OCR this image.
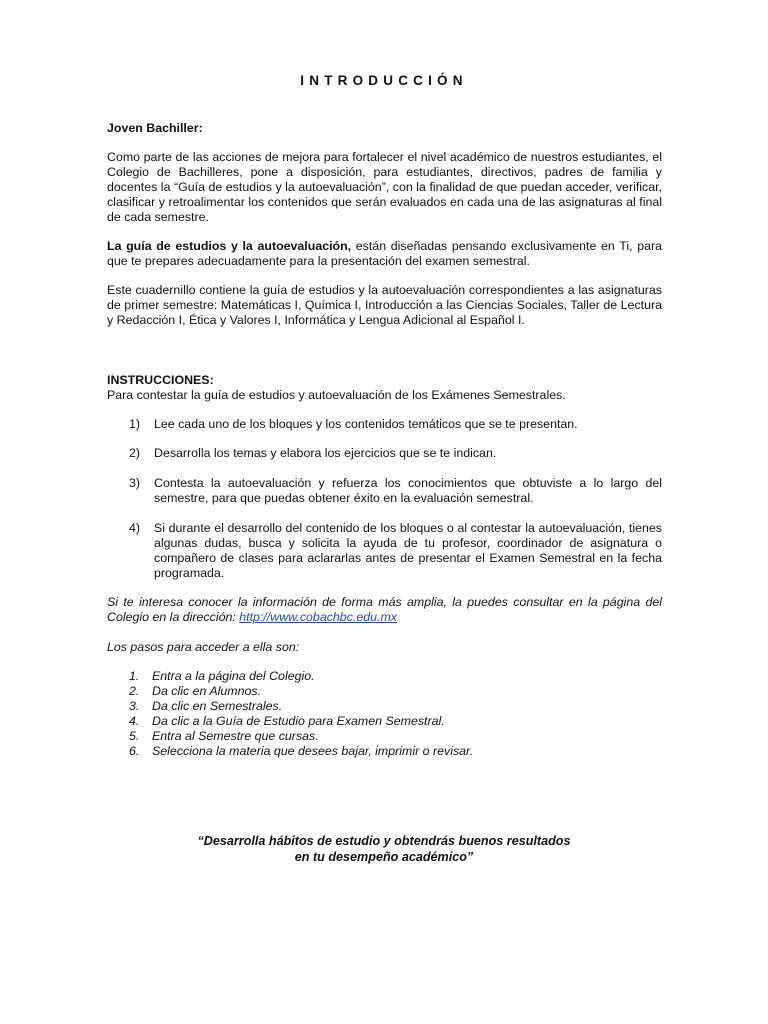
INTRODUCCIÓN
Joven Bachiller:
Como parte de las acciones de mejora para fortalecer el nivel académico de nuestros estudiantes, el Colegio de Bachilleres, pone a disposición, para estudiantes, directivos, padres de familia y docentes la “Guía de estudios y la autoevaluación”, con la finalidad de que puedan acceder, verificar, clasificar y retroalimentar los contenidos que serán evaluados en cada una de las asignaturas al final de cada semestre.
La guía de estudios y la autoevaluación, están diseñadas pensando exclusivamente en Ti, para que te prepares adecuadamente para la presentación del examen semestral.
Este cuadernillo contiene la guía de estudios y la autoevaluación correspondientes a las asignaturas de primer semestre: Matemáticas I, Química I, Introducción a las Ciencias Sociales, Taller de Lectura y Redacción I, Ética y Valores I, Informática y Lengua Adicional al Español I.
INSTRUCCIONES:
Para contestar la guía de estudios y autoevaluación de los Exámenes Semestrales.
1) Lee cada uno de los bloques y los contenidos temáticos que se te presentan.
2) Desarrolla los temas y elabora los ejercicios que se te indican.
3) Contesta la autoevaluación y refuerza los conocimientos que obtuviste a lo largo del semestre, para que puedas obtener éxito en la evaluación semestral.
4) Si durante el desarrollo del contenido de los bloques o al contestar la autoevaluación, tienes algunas dudas, busca y solicita la ayuda de tu profesor, coordinador de asignatura o compañero de clases para aclararlas antes de presentar el Examen Semestral en la fecha programada.
Si te interesa conocer la información de forma más amplia, la puedes consultar en la página del Colegio en la dirección: http://www.cobachbc.edu.mx
Los pasos para acceder a ella son:
1. Entra a la página del Colegio.
2. Da clic en Alumnos.
3. Da clic en Semestrales.
4. Da clic a la Guía de Estudio para Examen Semestral.
5. Entra al Semestre que cursas.
6. Selecciona la materia que desees bajar, imprimir o revisar.
“Desarrolla hábitos de estudio y obtendrás buenos resultados
en tu desempeño académico”
